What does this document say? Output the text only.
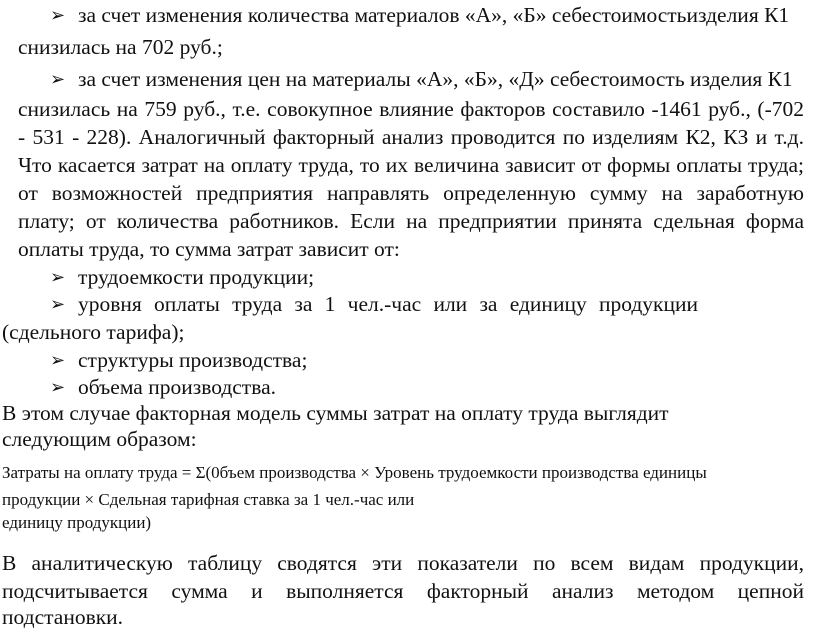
➢ за счет изменения количества материалов «А», «Б» себестоимостьизделия К1
снизилась на 702 руб.;
➢ за счет изменения цен на материалы «А», «Б», «Д» себестоимость изделия К1
снизилась на 759 руб., т.е. совокупное влияние факторов составило -1461 руб., (-702
- 531 - 228). Аналогичный факторный анализ проводится по изделиям К2, КЗ и т.д.
Что касается затрат на оплату труда, то их величина зависит от формы оплаты труда;
от возможностей предприятия направлять определенную сумму на заработную
плату; от количества работников. Если на предприятии принята сдельная форма
оплаты труда, то сумма затрат зависит от:
➢ трудоемкости продукции;
➢ уровня оплаты труда за 1 чел.-час или за единицу продукции
(сдельного тарифа);
➢ структуры производства;
➢ объема производства.
В этом случае факторная модель суммы затрат на оплату труда выглядит
следующим образом:
Затраты на оплату труда = Σ(0бъем производства × Уровень трудоемкости производства единицы
продукции × Сдельная тарифная ставка за 1 чел.-час или
единицу продукции)
В аналитическую таблицу сводятся эти показатели по всем видам продукции,
подсчитывается сумма и выполняется факторный анализ методом цепной
подстановки.
